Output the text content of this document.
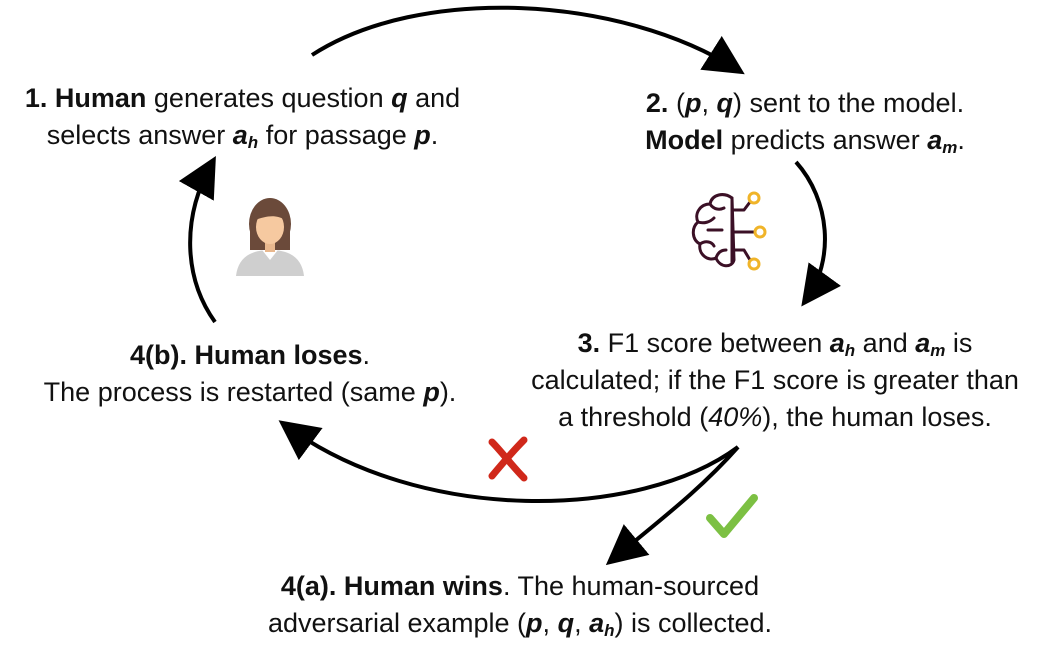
1. Human generates question q and
selects answer $a_h$ for passage p.
2. (p, q) sent to the model.
Model predicts answer $a_m$.
3. F1 score between $a_h$ and $a_m$ is
calculated; if the F1 score is greater than
a threshold (40%), the human loses.
4(b). Human loses.
The process is restarted (same p).
4(a). Human wins. The human-sourced
adversarial example (p, q, $a_h$) is collected.
